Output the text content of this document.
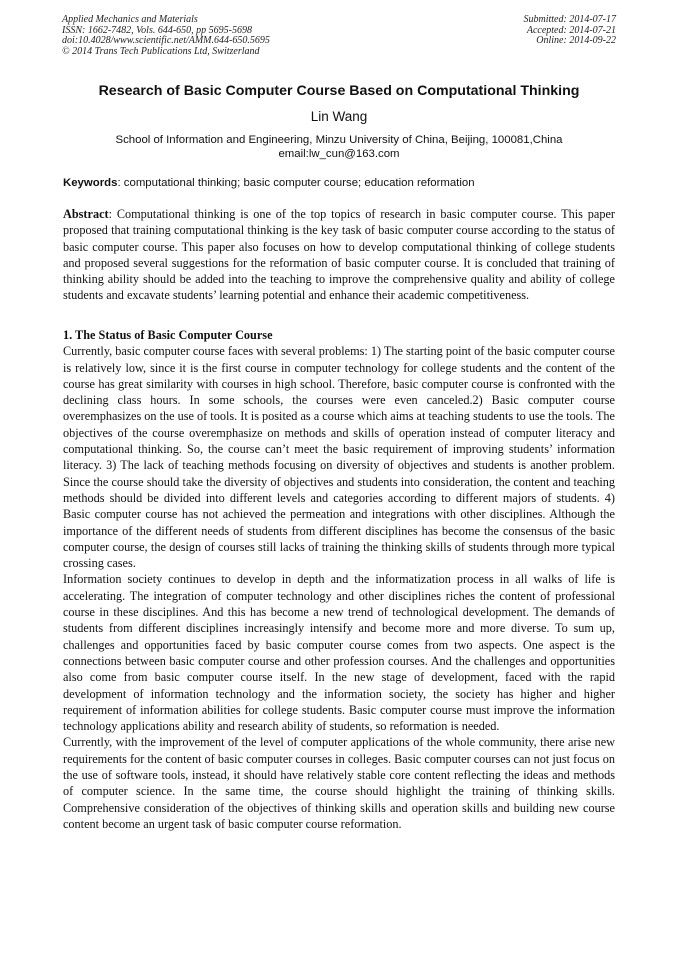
Applied Mechanics and Materials
ISSN: 1662-7482, Vols. 644-650, pp 5695-5698
doi:10.4028/www.scientific.net/AMM.644-650.5695
© 2014 Trans Tech Publications Ltd, Switzerland
Submitted: 2014-07-17
Accepted: 2014-07-21
Online: 2014-09-22
Research of Basic Computer Course Based on Computational Thinking
Lin Wang
School of Information and Engineering, Minzu University of China, Beijing, 100081,China
email:lw_cun@163.com
Keywords: computational thinking; basic computer course; education reformation

Abstract: Computational thinking is one of the top topics of research in basic computer course. This paper proposed that training computational thinking is the key task of basic computer course according to the status of basic computer course. This paper also focuses on how to develop computational thinking of college students and proposed several suggestions for the reformation of basic computer course. It is concluded that training of thinking ability should be added into the teaching to improve the comprehensive quality and ability of college students and excavate students’ learning potential and enhance their academic competitiveness.

1. The Status of Basic Computer Course

Currently, basic computer course faces with several problems: 1) The starting point of the basic computer course is relatively low, since it is the first course in computer technology for college students and the content of the course has great similarity with courses in high school. Therefore, basic computer course is confronted with the declining class hours. In some schools, the courses were even canceled.2) Basic computer course overemphasizes on the use of tools. It is posited as a course which aims at teaching students to use the tools. The objectives of the course overemphasize on methods and skills of operation instead of computer literacy and computational thinking. So, the course can’t meet the basic requirement of improving students’ information literacy. 3) The lack of teaching methods focusing on diversity of objectives and students is another problem. Since the course should take the diversity of objectives and students into consideration, the content and teaching methods should be divided into different levels and categories according to different majors of students. 4) Basic computer course has not achieved the permeation and integrations with other disciplines. Although the importance of the different needs of students from different disciplines has become the consensus of the basic computer course, the design of courses still lacks of training the thinking skills of students through more typical crossing cases.

Information society continues to develop in depth and the informatization process in all walks of life is accelerating. The integration of computer technology and other disciplines riches the content of professional course in these disciplines. And this has become a new trend of technological development. The demands of students from different disciplines increasingly intensify and become more and more diverse. To sum up, challenges and opportunities faced by basic computer course comes from two aspects. One aspect is the connections between basic computer course and other profession courses. And the challenges and opportunities also come from basic computer course itself. In the new stage of development, faced with the rapid development of information technology and the information society, the society has higher and higher requirement of information abilities for college students. Basic computer course must improve the information technology applications ability and research ability of students, so reformation is needed.

Currently, with the improvement of the level of computer applications of the whole community, there arise new requirements for the content of basic computer courses in colleges. Basic computer courses can not just focus on the use of software tools, instead, it should have relatively stable core content reflecting the ideas and methods of computer science. In the same time, the course should highlight the training of thinking skills. Comprehensive consideration of the objectives of thinking skills and operation skills and building new course content become an urgent task of basic computer course reformation.
